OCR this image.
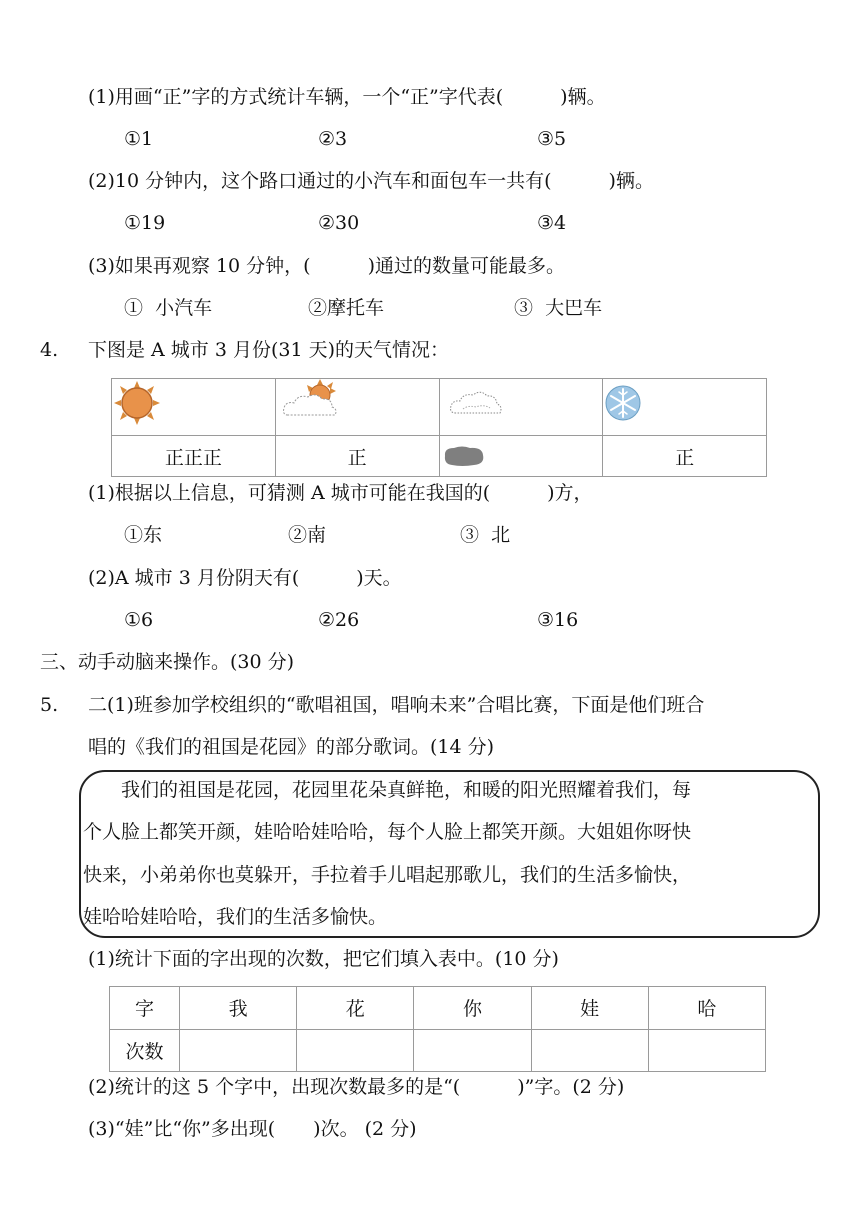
(1)用画“正”字的方式统计车辆，一个“正”字代表(　　　)辆。
①1	②3	③5
(2)10 分钟内，这个路口通过的小汽车和面包车一共有(　　　)辆。
①19	②30	③4
(3)如果再观察 10 分钟，(　　　)通过的数量可能最多。
①  小汽车	②摩托车	③  大巴车
4. 下图是 A 城市 3 月份(31 天)的天气情况：

正正正	正		正
(1)根据以上信息，可猜测 A 城市可能在我国的(　　　)方，
①东	②南	③  北
(2)A 城市 3 月份阴天有(　　　)天。
①6	②26	③16
三、动手动脑来操作。(30 分)
5. 二(1)班参加学校组织的“歌唱祖国，唱响未来”合唱比赛，下面是他们班合
唱的《我们的祖国是花园》的部分歌词。(14 分)
　　我们的祖国是花园，花园里花朵真鲜艳，和暖的阳光照耀着我们，每
个人脸上都笑开颜，娃哈哈娃哈哈，每个人脸上都笑开颜。大姐姐你呀快
快来，小弟弟你也莫躲开，手拉着手儿唱起那歌儿，我们的生活多愉快，
娃哈哈娃哈哈，我们的生活多愉快。
(1)统计下面的字出现的次数，把它们填入表中。(10 分)
字	我	花	你	娃	哈
次数					
(2)统计的这 5 个字中，出现次数最多的是“(　　　)”字。(2 分)
(3)“娃”比“你”多出现(　　)次。 (2 分)
